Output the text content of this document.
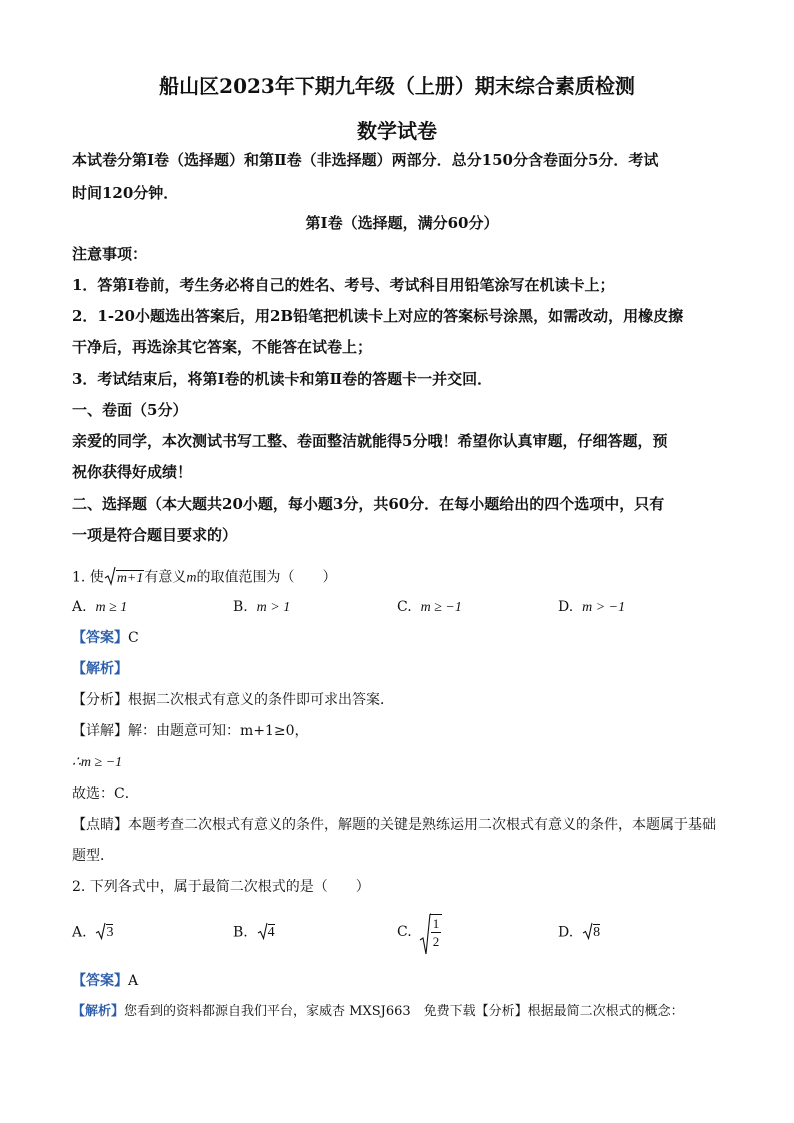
船山区2023年下期九年级（上册）期末综合素质检测
数学试卷
本试卷分第Ⅰ卷（选择题）和第Ⅱ卷（非选择题）两部分．总分150分含卷面分5分．考试
时间120分钟．
第Ⅰ卷（选择题，满分60分）
注意事项：
1．答第Ⅰ卷前，考生务必将自己的姓名、考号、考试科目用铅笔涂写在机读卡上；
2．1-20小题选出答案后，用2B铅笔把机读卡上对应的答案标号涂黑，如需改动，用橡皮擦
干净后，再选涂其它答案，不能答在试卷上；
3．考试结束后，将第Ⅰ卷的机读卡和第Ⅱ卷的答题卡一并交回．
一、卷面（5分）
亲爱的同学，本次测试书写工整、卷面整洁就能得5分哦！希望你认真审题，仔细答题，预
祝你获得好成绩！
二、选择题（本大题共20小题，每小题3分，共60分．在每小题给出的四个选项中，只有
一项是符合题目要求的）
1. 使 m+1有意义m的取值范围为（　　）
A. m ≥ 1	B. m > 1	C. m ≥ −1	D. m > −1
【答案】C
【解析】
【分析】根据二次根式有意义的条件即可求出答案．
【详解】解：由题意可知：m+1≥0，
∴m ≥ −1
故选：C．
【点睛】本题考查二次根式有意义的条件，解题的关键是熟练运用二次根式有意义的条件，本题属于基础
题型．
2. 下列各式中，属于最简二次根式的是（　　）
A. 3	B. 4	C.
1
2
D. 8
【答案】A
【解析】您看到的资料都源自我们平台，家威杏 MXSJ663　免费下载【分析】根据最简二次根式的概念：
